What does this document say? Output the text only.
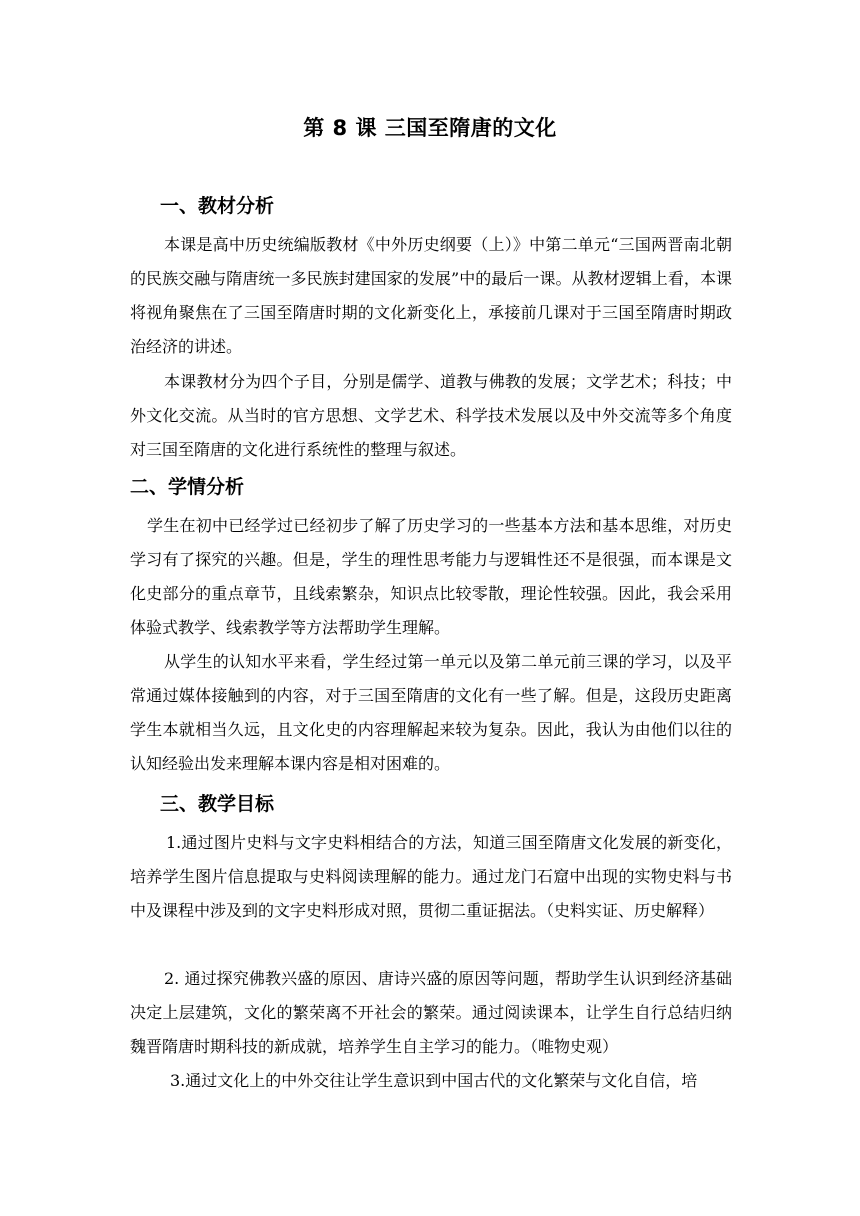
第 8 课 三国至隋唐的文化
一、教材分析

本课是高中历史统编版教材《中外历史纲要（上）》中第二单元“三国两晋南北朝的民族交融与隋唐统一多民族封建国家的发展”中的最后一课。从教材逻辑上看，本课将视角聚焦在了三国至隋唐时期的文化新变化上，承接前几课对于三国至隋唐时期政治经济的讲述。

本课教材分为四个子目，分别是儒学、道教与佛教的发展；文学艺术；科技；中外文化交流。从当时的官方思想、文学艺术、科学技术发展以及中外交流等多个角度对三国至隋唐的文化进行系统性的整理与叙述。

二、学情分析

学生在初中已经学过已经初步了解了历史学习的一些基本方法和基本思维，对历史学习有了探究的兴趣。但是，学生的理性思考能力与逻辑性还不是很强，而本课是文化史部分的重点章节，且线索繁杂，知识点比较零散，理论性较强。因此，我会采用体验式教学、线索教学等方法帮助学生理解。

从学生的认知水平来看，学生经过第一单元以及第二单元前三课的学习，以及平常通过媒体接触到的内容，对于三国至隋唐的文化有一些了解。但是，这段历史距离学生本就相当久远，且文化史的内容理解起来较为复杂。因此，我认为由他们以往的认知经验出发来理解本课内容是相对困难的。

三、教学目标

1.通过图片史料与文字史料相结合的方法，知道三国至隋唐文化发展的新变化，培养学生图片信息提取与史料阅读理解的能力。通过龙门石窟中出现的实物史料与书中及课程中涉及到的文字史料形成对照，贯彻二重证据法。（史料实证、历史解释）

2. 通过探究佛教兴盛的原因、唐诗兴盛的原因等问题，帮助学生认识到经济基础决定上层建筑，文化的繁荣离不开社会的繁荣。通过阅读课本，让学生自行总结归纳魏晋隋唐时期科技的新成就，培养学生自主学习的能力。（唯物史观）

3.通过文化上的中外交往让学生意识到中国古代的文化繁荣与文化自信，培
